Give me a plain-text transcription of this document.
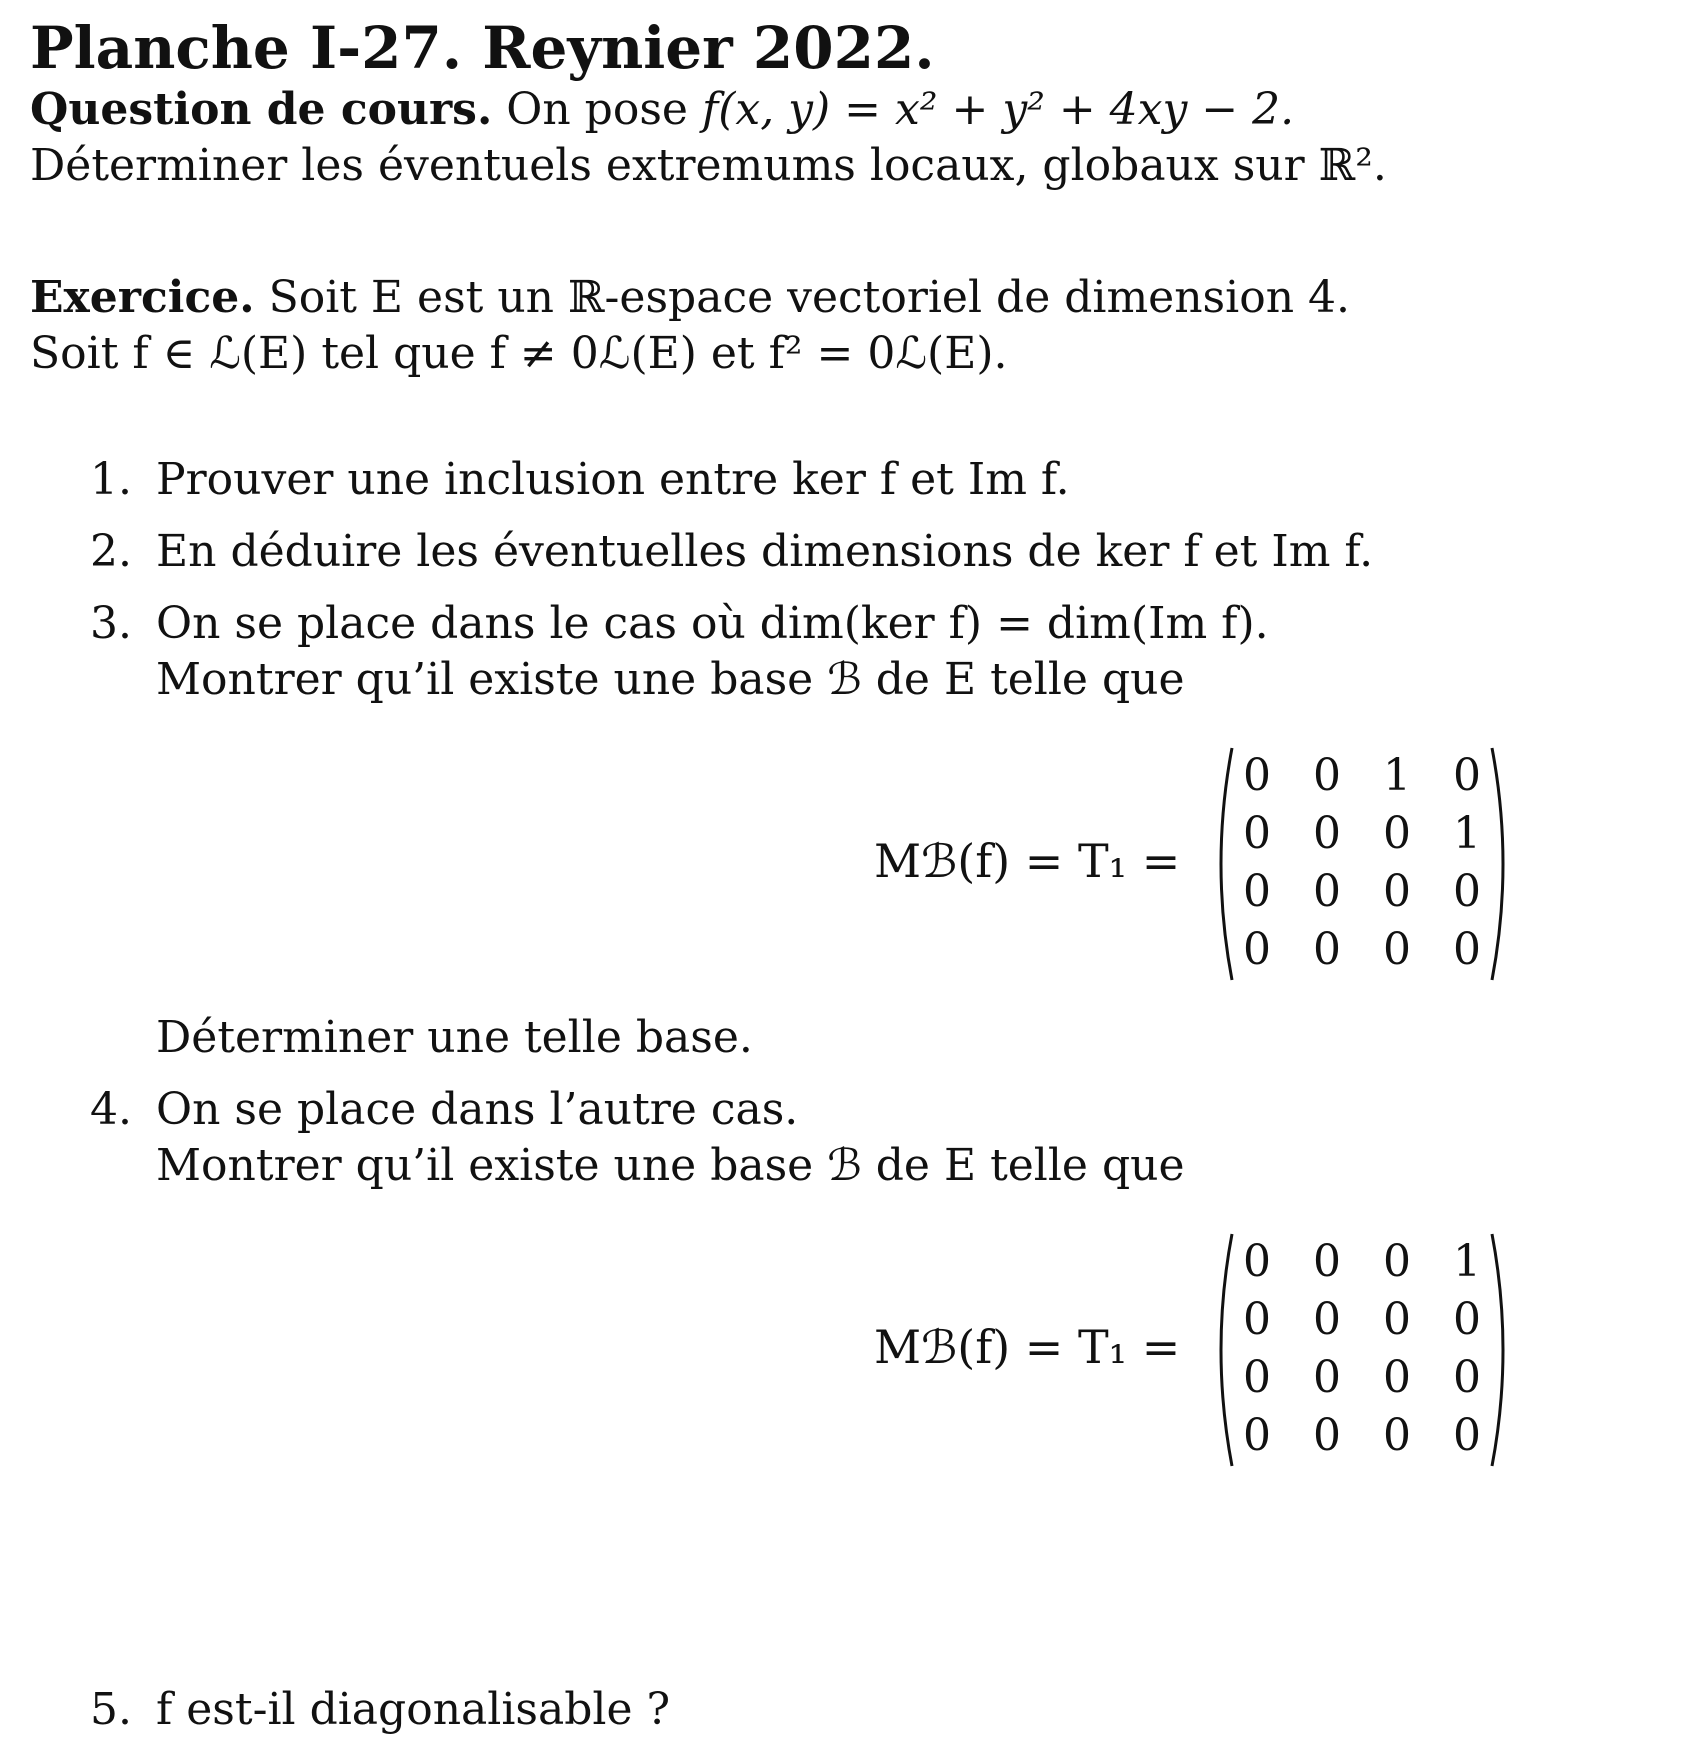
Planche I-27. Reynier 2022.
Question de cours. On pose f(x, y) = x² + y² + 4xy − 2.
Déterminer les éventuels extremums locaux, globaux sur ℝ².
Exercice. Soit E est un ℝ-espace vectoriel de dimension 4.
Soit f ∈ ℒ(E) tel que f ≠ 0ℒ(E) et f² = 0ℒ(E).
1. Prouver une inclusion entre ker f et Im f.
2. En déduire les éventuelles dimensions de ker f et Im f.
3. On se place dans le cas où dim(ker f) = dim(Im f).
Montrer qu’il existe une base ℬ de E telle que
Mℬ(f) = T₁ =
0 0 1 0
0 0 0 1
0 0 0 0
0 0 0 0
Déterminer une telle base.
4. On se place dans l’autre cas.
Montrer qu’il existe une base ℬ de E telle que
Mℬ(f) = T₁ =
0 0 0 1
0 0 0 0
0 0 0 0
0 0 0 0
5. f est-il diagonalisable ?
